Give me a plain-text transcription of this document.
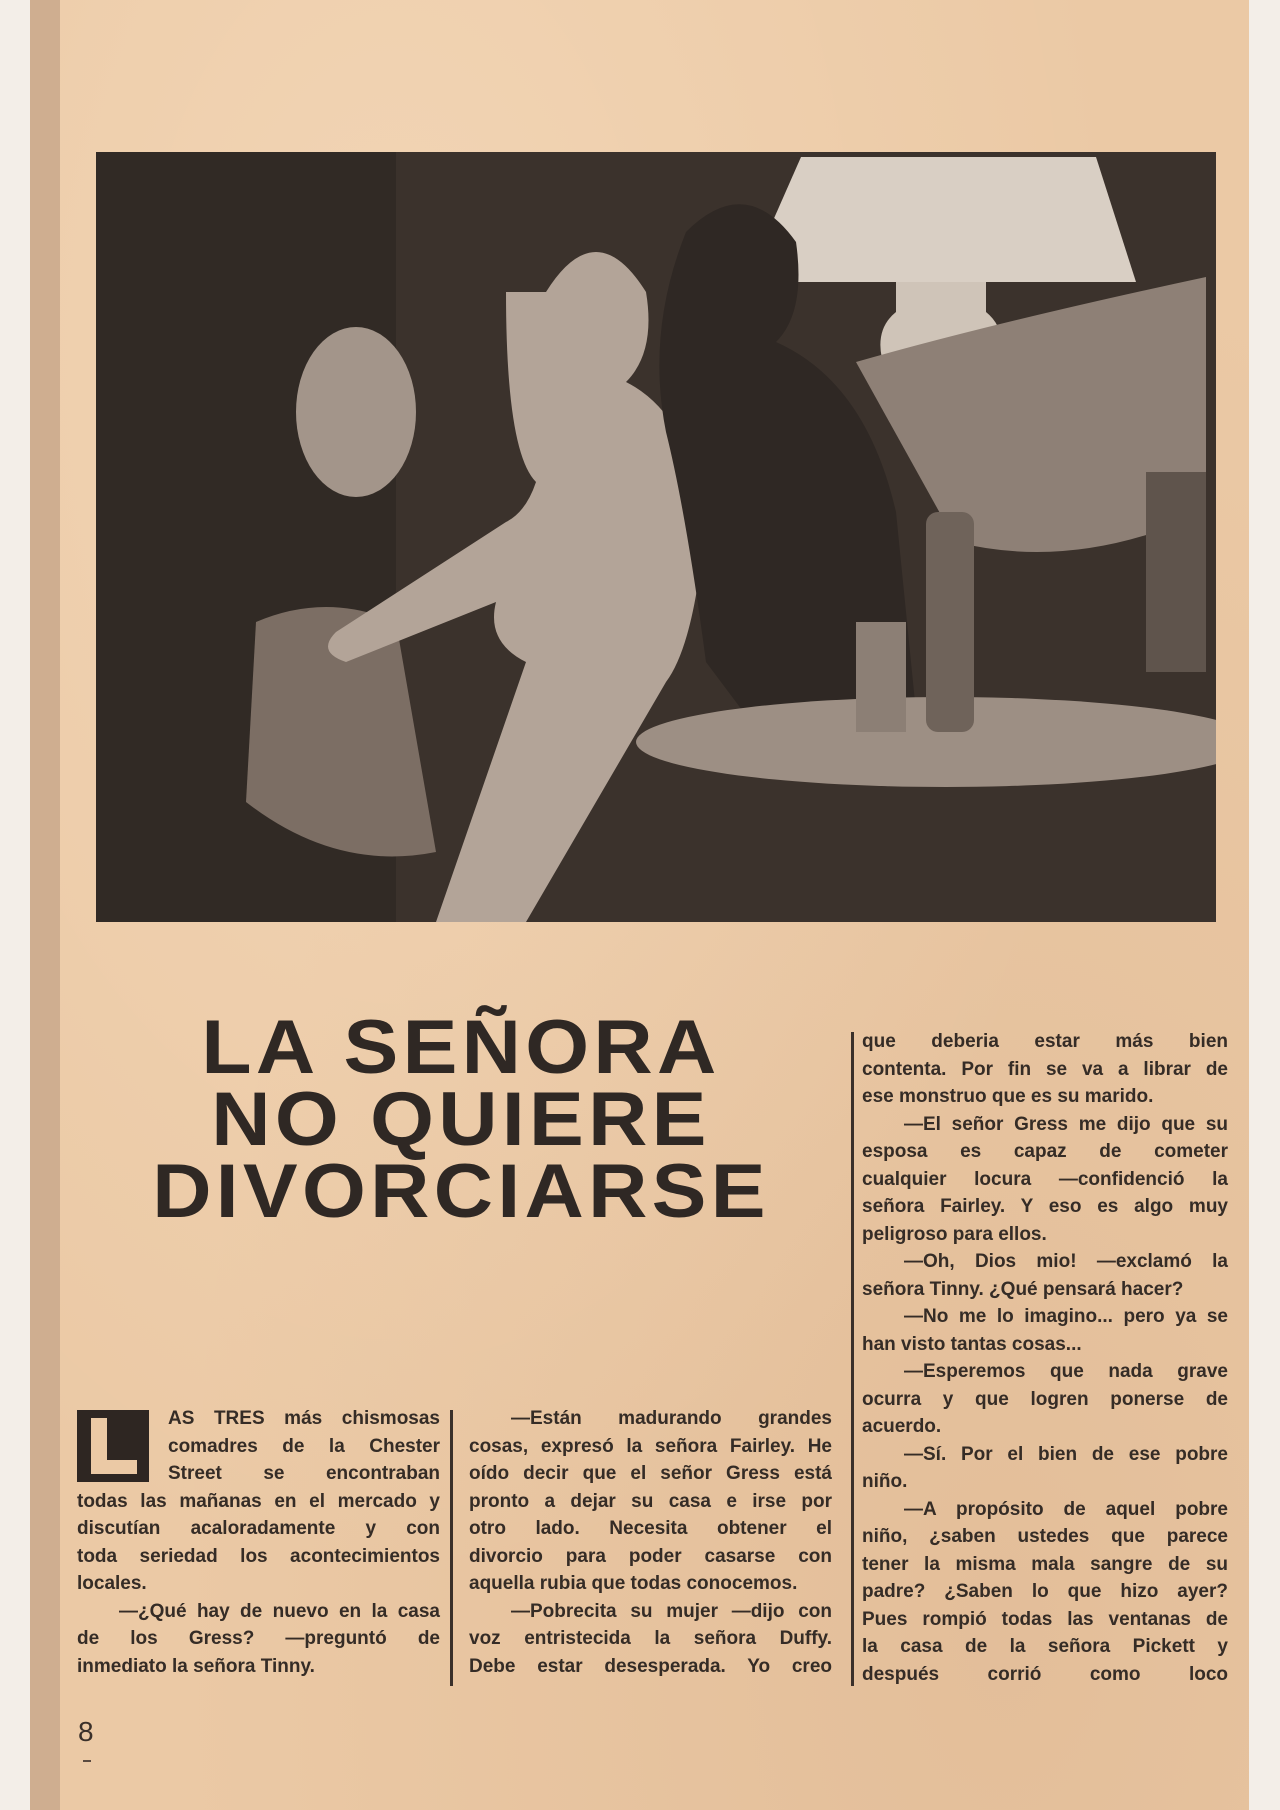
LA SEÑORA
NO QUIERE
DIVORCIARSE
AS TRES más chismosas
comadres de la Chester
Street se encontraban
todas las mañanas en el mercado y
discutían acaloradamente y con
toda seriedad los acontecimientos
locales.
—¿Qué hay de nuevo en la casa
de los Gress? —preguntó de
inmediato la señora Tinny.
—Están madurando grandes
cosas, expresó la señora Fairley. He
oído decir que el señor Gress está
pronto a dejar su casa e irse por
otro lado. Necesita obtener el
divorcio para poder casarse con
aquella rubia que todas conocemos.
—Pobrecita su mujer —dijo con
voz entristecida la señora Duffy.
Debe estar desesperada. Yo creo
que deberia estar más bien
contenta. Por fin se va a librar de
ese monstruo que es su marido.
—El señor Gress me dijo que su
esposa es capaz de cometer
cualquier locura —confidenció la
señora Fairley. Y eso es algo muy
peligroso para ellos.
—Oh, Dios mio! —exclamó la
señora Tinny. ¿Qué pensará hacer?
—No me lo imagino... pero ya se
han visto tantas cosas...
—Esperemos que nada grave
ocurra y que logren ponerse de
acuerdo.
—Sí. Por el bien de ese pobre
niño.
—A propósito de aquel pobre
niño, ¿saben ustedes que parece
tener la misma mala sangre de su
padre? ¿Saben lo que hizo ayer?
Pues rompió todas las ventanas de
la casa de la señora Pickett y
después corrió como loco
8
